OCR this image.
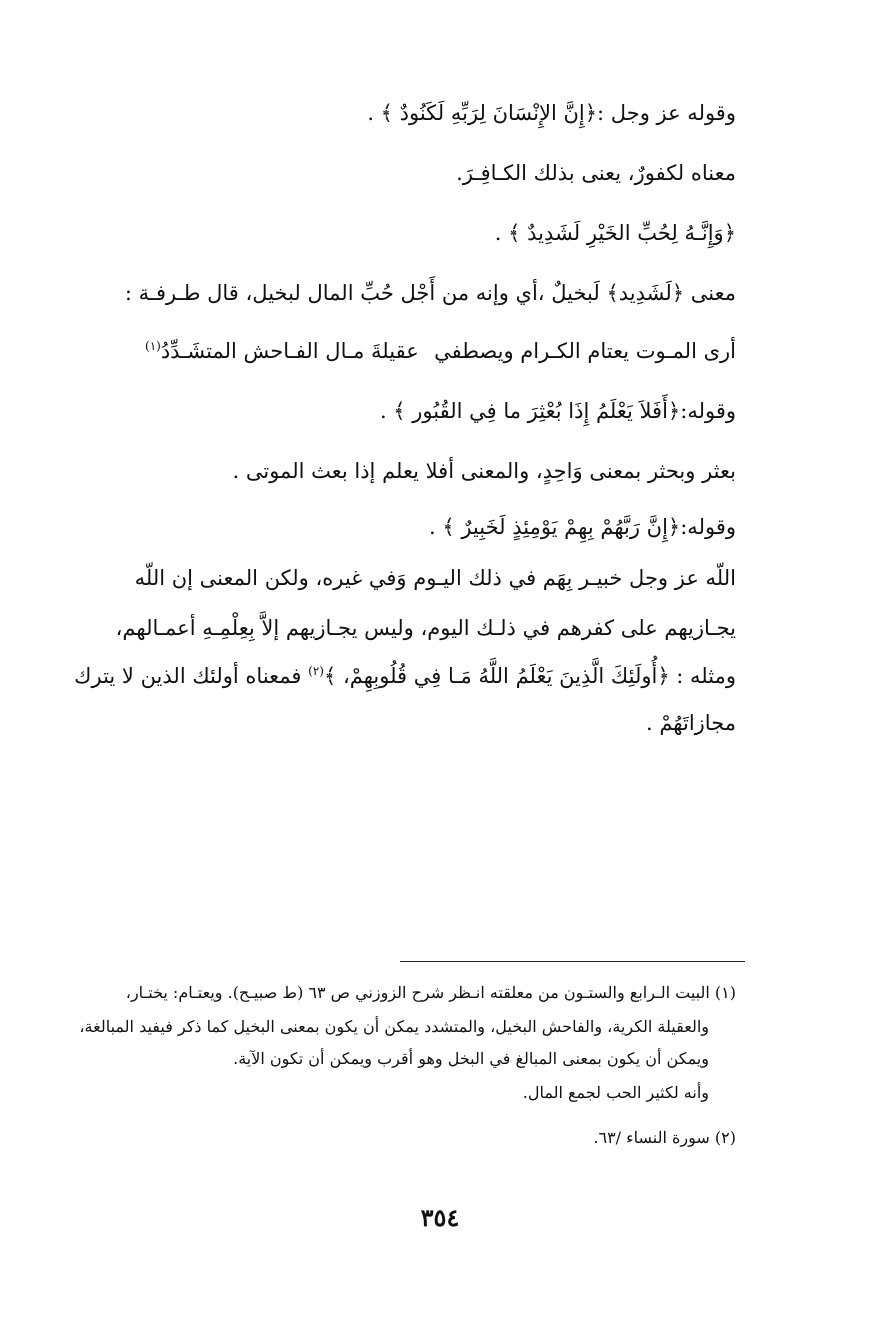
وقوله عز وجل :﴿إِنَّ الإِنْسَانَ لِرَبِّهِ لَكَنُودٌ ﴾ .
معناه لكفورٌ، يعنى بذلك الكـافِـرَ.
﴿وَإِنَّـهُ لِحُبِّ الخَيْرِ لَشَدِيدٌ ﴾ .
معنى ﴿لَشَدِيد﴾ لَبخيلٌ ،أي وإنه من أَجْل حُبِّ المال لبخيل، قال طـرفـة :
أرى المـوت يعتام الكـرام ويصطفي
عقيلةَ مـال الفـاحش المتشَـدِّدُ$^{(١)}$
وقوله:﴿أَفَلاَ يَعْلَمُ إِذَا بُعْثِرَ ما فِي القُبُور ﴾ .
بعثر وبحثر بمعنى وَاحِدٍ، والمعنى أفلا يعلم إذا بعث الموتى .
وقوله:﴿إِنَّ رَبَّهُمْ بِهِمْ يَوْمِئِذٍ لَخَبِيرٌ ﴾ .
اللّه عز وجل خبيـر بِهَم في ذلك اليـوم وَفي غيره، ولكن المعنى إن اللّه
يجـازيهم على كفرهم في ذلـك اليوم، وليس يجـازيهم إلاَّ بِعِلْمِـهِ أعمـالهم،
ومثله : ﴿أُولَئِكَ الَّذِينَ يَعْلَمُ اللَّهُ مَـا فِي قُلُوبِهِمْ، ﴾$^{(٢)}$ فمعناه أولئك الذين لا يترك
مجازاتَهُمْ .
(١) البيت الـرابع والستـون من معلقته انـظر شرح الزوزني ص ٦٣ (ط صبيـح). ويعتـام: يختـار،
والعقيلة الكرية، والفاحش البخيل، والمتشدد يمكن أن يكون بمعنى البخيل كما ذكر فيفيد المبالغة،
ويمكن أن يكون بمعنى المبالغ في البخل وهو أقرب ويمكن أن تكون الآية.
وأنه لكثير الحب لجمع المال.
(٢) سورة النساء /٦٣.
٣٥٤
